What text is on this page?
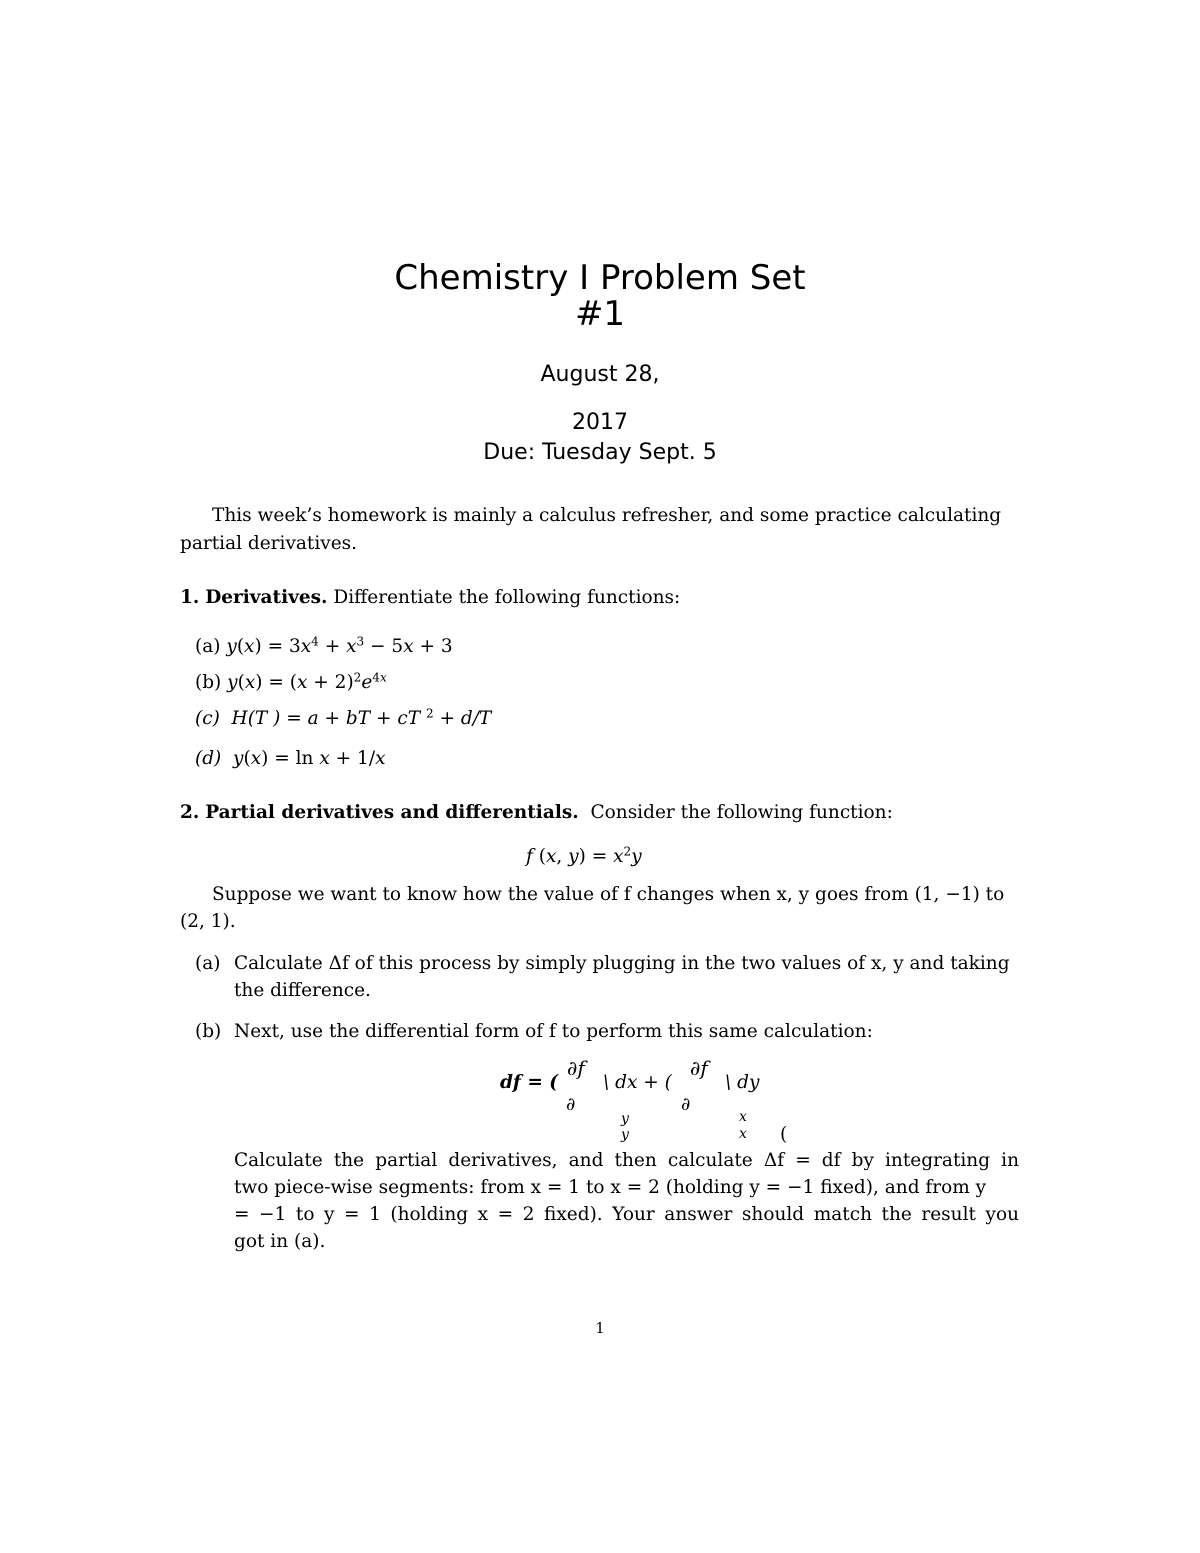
Chemistry I Problem Set
#1
August 28,
2017
Due: Tuesday Sept. 5
This week’s homework is mainly a calculus refresher, and some practice calculating
partial derivatives.
1. Derivatives. Differentiate the following functions:
(a) $y(x) = 3x^4 + x^3 - 5x + 3$
(b) $y(x) = (x + 2)^2e^{4x}$
(c)  H(T ) = a + bT + cT $^2$ + d/T
(d) y(x) = ln x + 1/x
2. Partial derivatives and differentials. Consider the following function:
f (x, $y) = x^2y$
Suppose we want to know how the value of f changes when x, y goes from (1, −1) to
(2, 1).
(a) Calculate Δf of this process by simply plugging in the two values of x, y and taking
the difference.
(b) Next, use the differential form of f to perform this same calculation:
df = (
∂f
∂
\ dx + (
∂f
∂
\ dy
y
y
x
x (
Calculate the partial derivatives, and then calculate Δf = df by integrating in
two piece-wise segments: from x = 1 to x = 2 (holding y = −1 fixed), and from y
= −1 to y = 1 (holding x = 2 fixed). Your answer should match the result you
got in (a).
1
